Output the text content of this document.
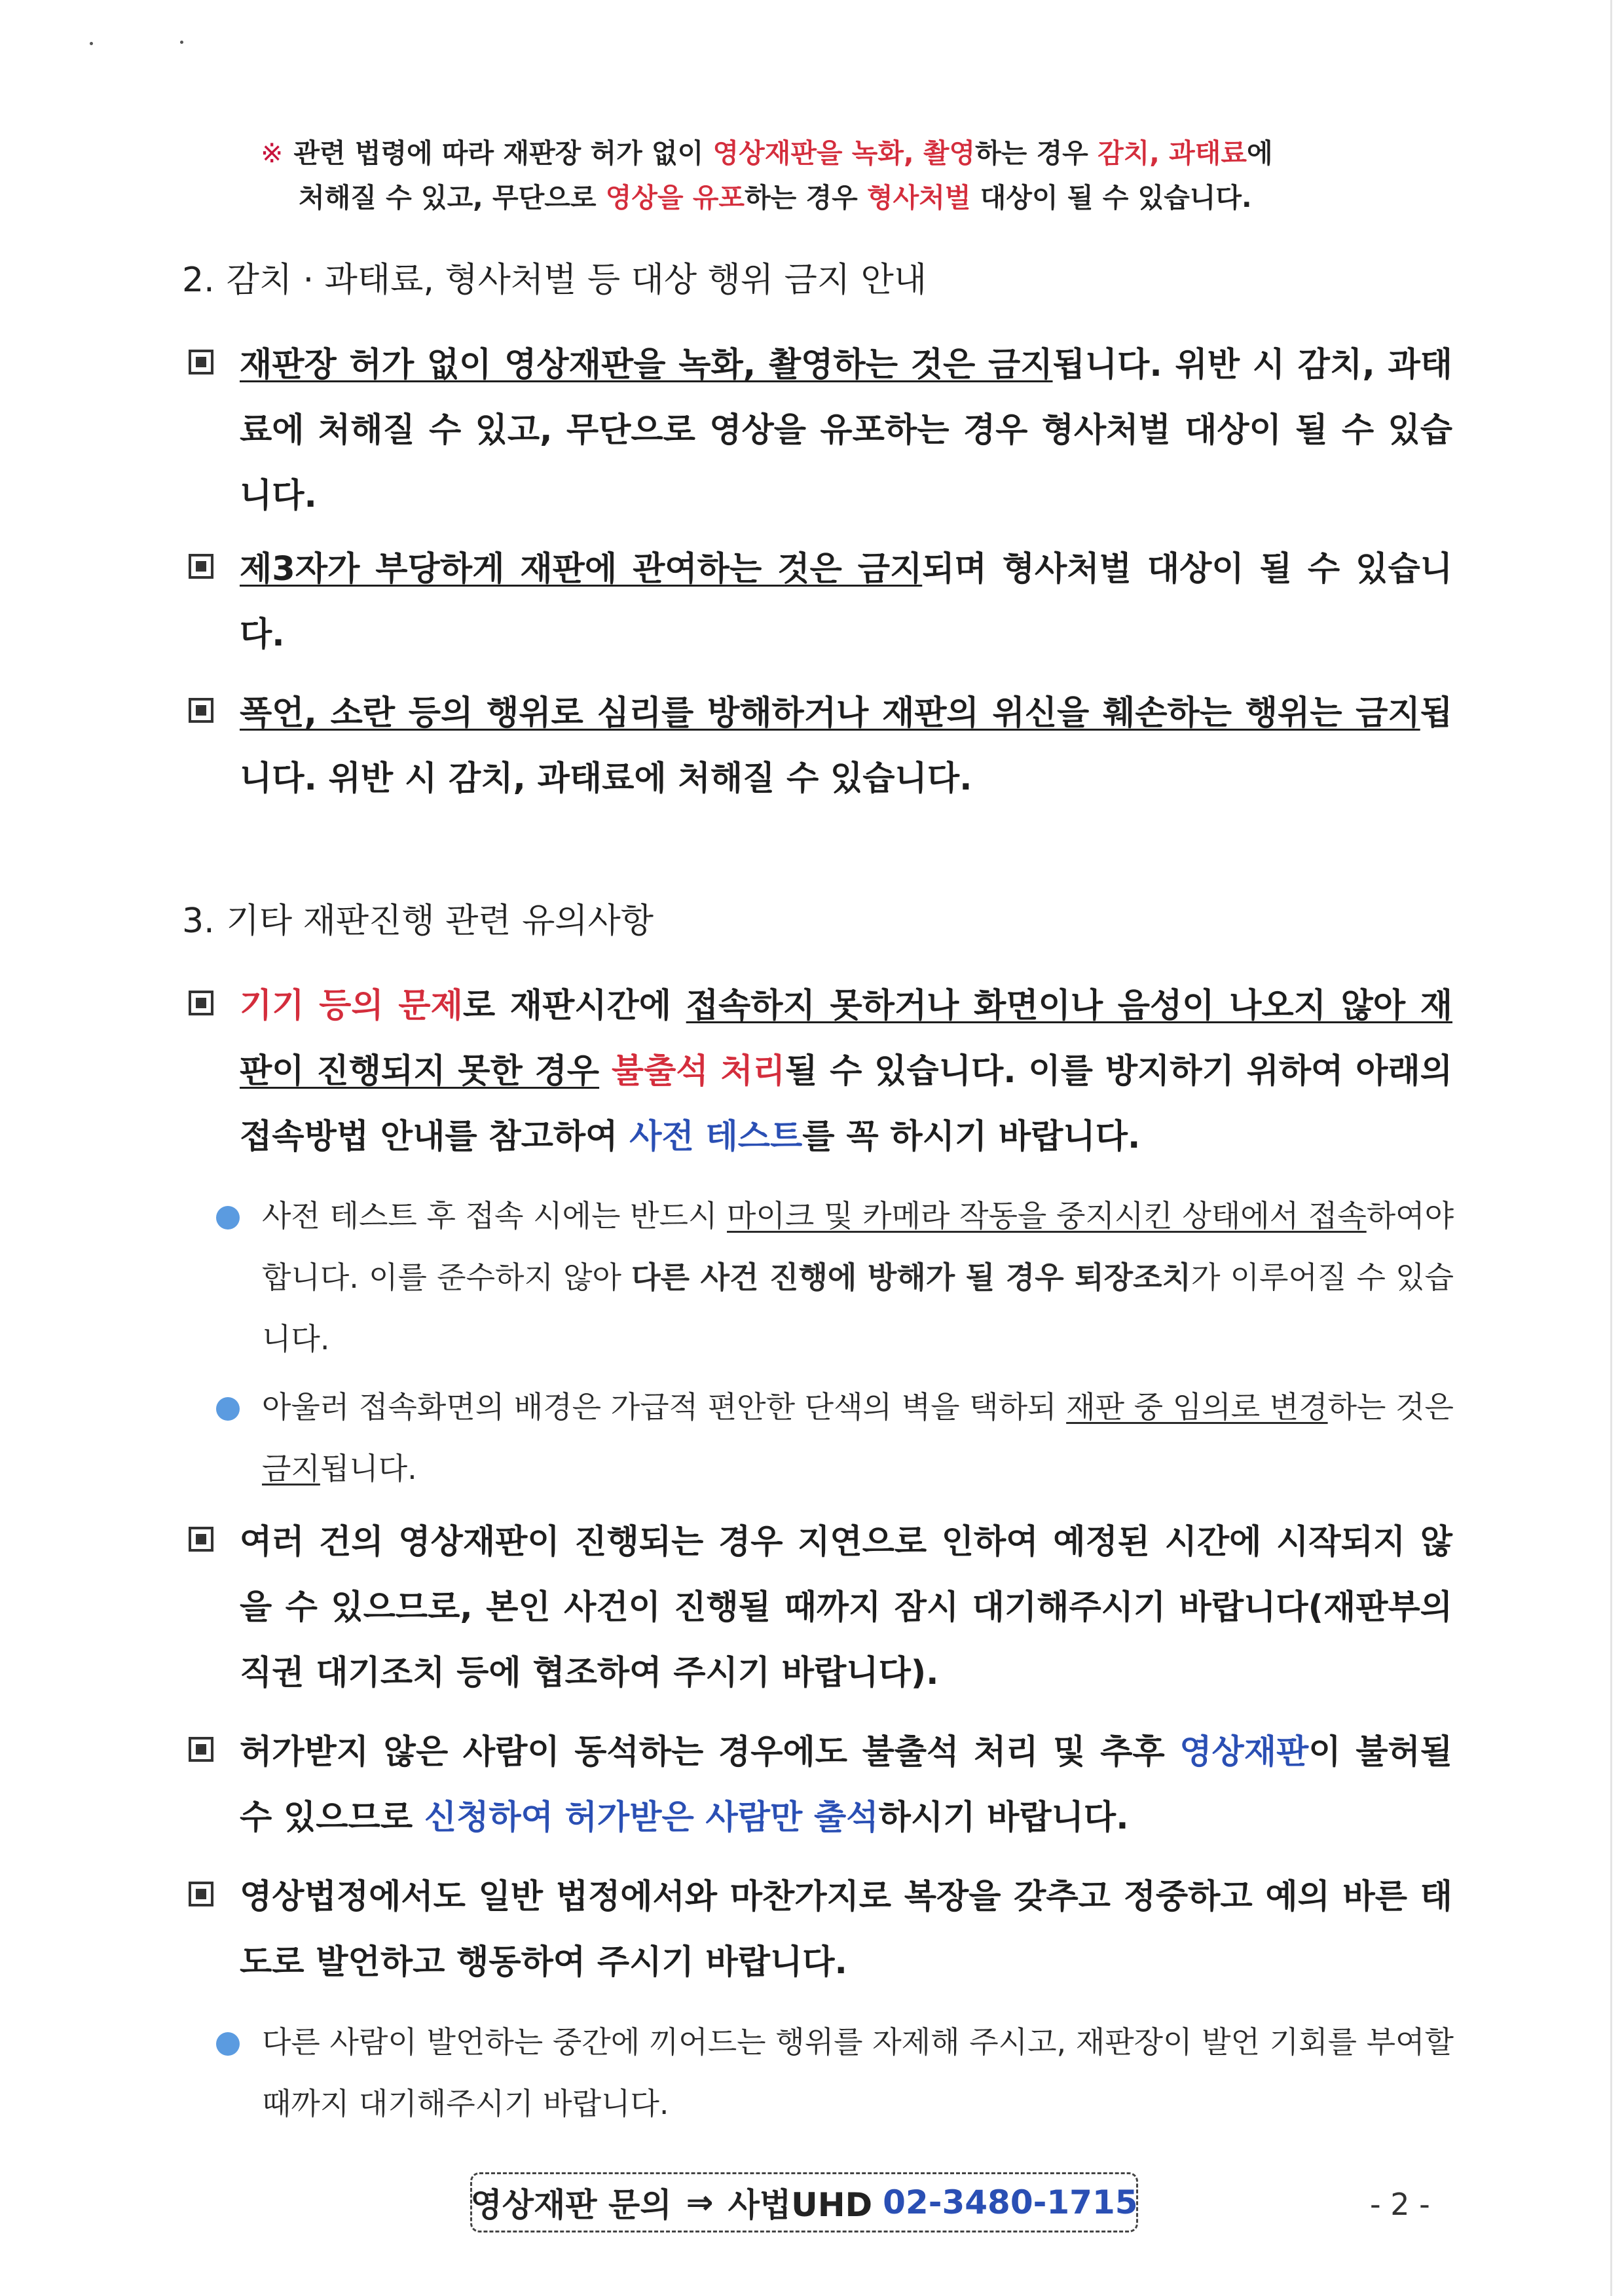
※ 관련 법령에 따라 재판장 허가 없이 영상재판을 녹화, 촬영하는 경우 감치, 과태료에
처해질 수 있고, 무단으로 영상을 유포하는 경우 형사처벌 대상이 될 수 있습니다.
2. 감치 · 과태료, 형사처벌 등 대상 행위 금지 안내
재판장 허가 없이 영상재판을 녹화, 촬영하는 것은 금지됩니다. 위반 시 감치, 과태료에 처해질 수 있고, 무단으로 영상을 유포하는 경우 형사처벌 대상이 될 수 있습니다.
제3자가 부당하게 재판에 관여하는 것은 금지되며 형사처벌 대상이 될 수 있습니다.
폭언, 소란 등의 행위로 심리를 방해하거나 재판의 위신을 훼손하는 행위는 금지됩니다. 위반 시 감치, 과태료에 처해질 수 있습니다.
3. 기타 재판진행 관련 유의사항
기기 등의 문제로 재판시간에 접속하지 못하거나 화면이나 음성이 나오지 않아 재판이 진행되지 못한 경우 불출석 처리될 수 있습니다. 이를 방지하기 위하여 아래의 접속방법 안내를 참고하여 사전 테스트를 꼭 하시기 바랍니다.
사전 테스트 후 접속 시에는 반드시 마이크 및 카메라 작동을 중지시킨 상태에서 접속하여야 합니다. 이를 준수하지 않아 다른 사건 진행에 방해가 될 경우 퇴장조치가 이루어질 수 있습니다.
아울러 접속화면의 배경은 가급적 편안한 단색의 벽을 택하되 재판 중 임의로 변경하는 것은 금지됩니다.
여러 건의 영상재판이 진행되는 경우 지연으로 인하여 예정된 시간에 시작되지 않을 수 있으므로, 본인 사건이 진행될 때까지 잠시 대기해주시기 바랍니다(재판부의 직권 대기조치 등에 협조하여 주시기 바랍니다).
허가받지 않은 사람이 동석하는 경우에도 불출석 처리 및 추후 영상재판이 불허될 수 있으므로 신청하여 허가받은 사람만 출석하시기 바랍니다.
영상법정에서도 일반 법정에서와 마찬가지로 복장을 갖추고 정중하고 예의 바른 태도로 발언하고 행동하여 주시기 바랍니다.
다른 사람이 발언하는 중간에 끼어드는 행위를 자제해 주시고, 재판장이 발언 기회를 부여할 때까지 대기해주시기 바랍니다.
영상재판 문의 ⇒ 사법UHD 02-3480-1715	- 2 -
